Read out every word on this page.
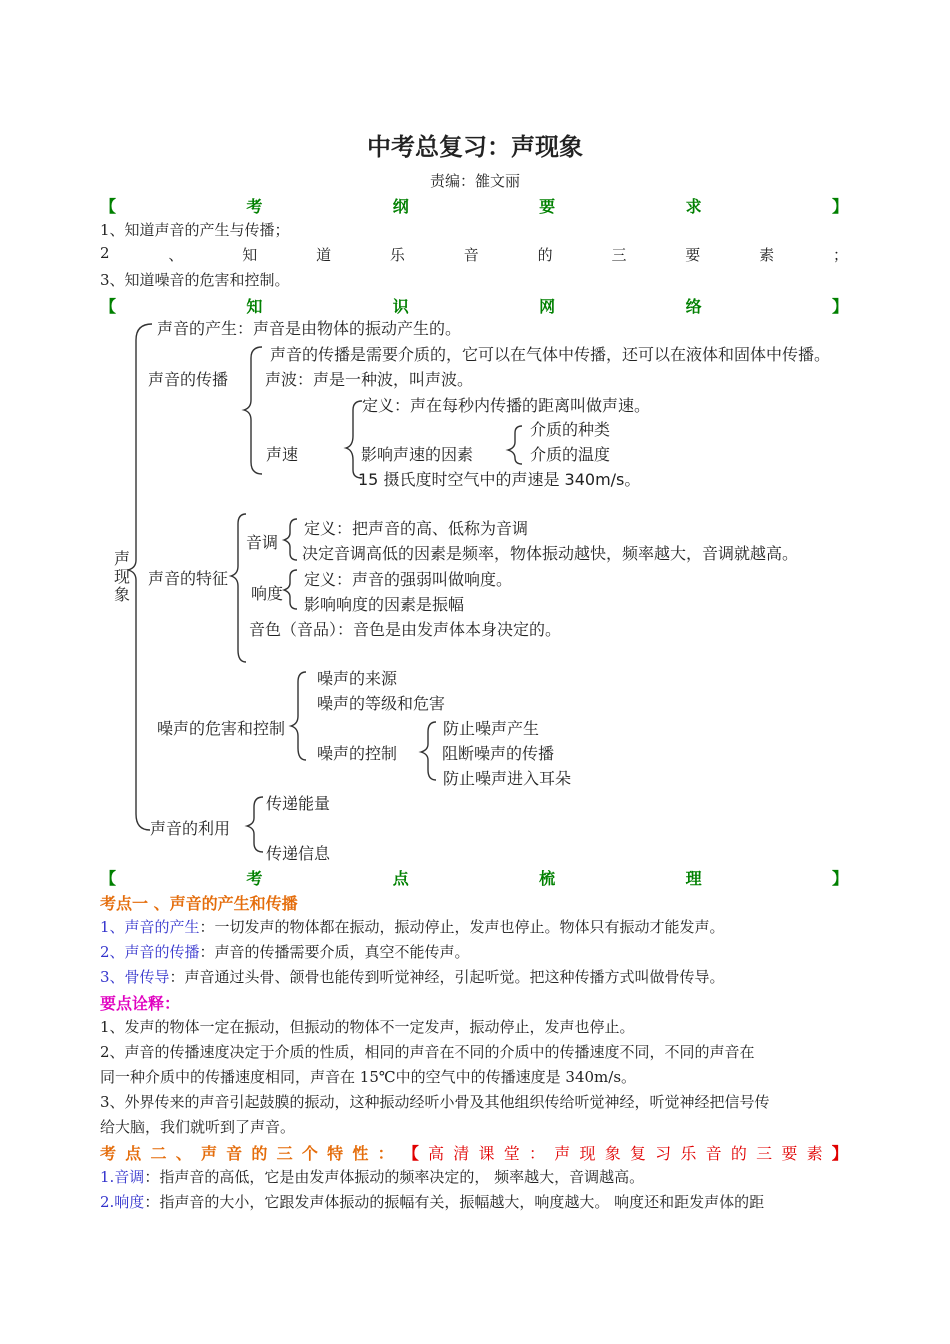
中考总复习：声现象
责编：雒文丽
【	考	纲	要	求	】
1、知道声音的产生与传播；
2	、	知	道	乐	音	的	三	要	素	；
3、知道噪音的危害和控制。
【	知	识	网	络	】
声现象
声音的产生：声音是由物体的振动产生的。
声音的传播
声音的传播是需要介质的，它可以在气体中传播，还可以在液体和固体中传播。
声波：声是一种波，叫声波。
声速
定义：声在每秒内传播的距离叫做声速。
影响声速的因素
介质的种类
介质的温度
15 摄氏度时空气中的声速是 340m/s。
声音的特征
音调
定义：把声音的高、低称为音调
决定音调高低的因素是频率，物体振动越快，频率越大，音调就越高。
响度
定义：声音的强弱叫做响度。
影响响度的因素是振幅
音色（音品）：音色是由发声体本身决定的。
噪声的危害和控制
噪声的来源
噪声的等级和危害
噪声的控制
防止噪声产生
阻断噪声的传播
防止噪声进入耳朵
声音的利用
传递能量
传递信息
【	考	点	梳	理	】
考点一 、声音的产生和传播
1、声音的产生：一切发声的物体都在振动，振动停止，发声也停止。物体只有振动才能发声。
2、声音的传播：声音的传播需要介质，真空不能传声。
3、骨传导：声音通过头骨、颌骨也能传到听觉神经，引起听觉。把这种传播方式叫做骨传导。
要点诠释：
1、发声的物体一定在振动，但振动的物体不一定发声，振动停止，发声也停止。
2、声音的传播速度决定于介质的性质，相同的声音在不同的介质中的传播速度不同，不同的声音在
同一种介质中的传播速度相同，声音在 15℃中的空气中的传播速度是 340m/s。
3、外界传来的声音引起鼓膜的振动，这种振动经听小骨及其他组织传给听觉神经，听觉神经把信号传
给大脑，我们就听到了声音。
考 点 二 、 声 音 的 三 个 特 性 ： 【 高 清 课 堂 ： 声 现 象 复 习 乐 音 的 三 要 素 】
1.音调：指声音的高低，它是由发声体振动的频率决定的， 频率越大，音调越高。
2.响度：指声音的大小，它跟发声体振动的振幅有关，振幅越大，响度越大。 响度还和距发声体的距
